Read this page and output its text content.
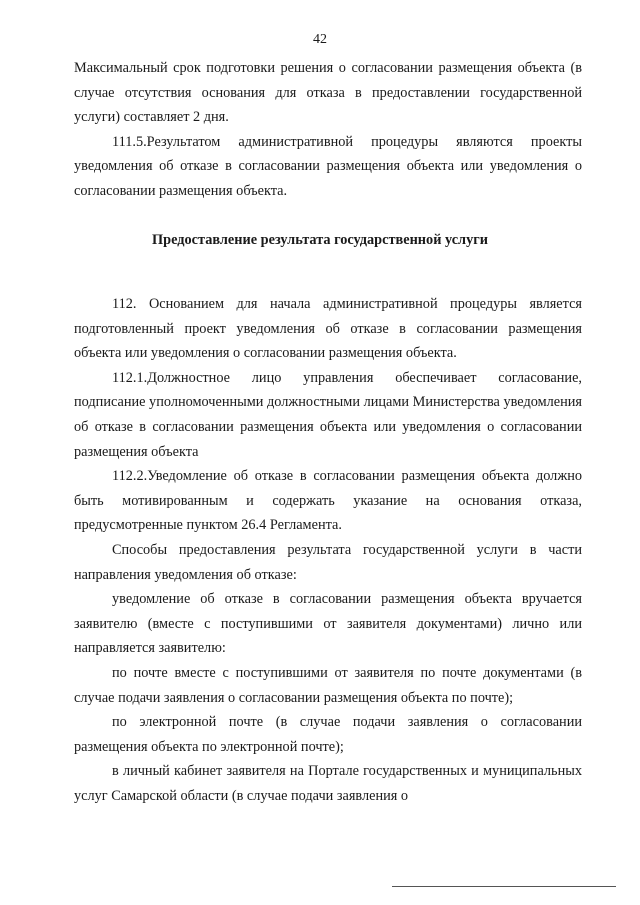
42

Максимальный срок подготовки решения о согласовании размещения объекта (в случае отсутствия основания для отказа в предоставлении государственной услуги) составляет 2 дня.

111.5.Результатом административной процедуры являются проекты уведомления об отказе в согласовании размещения объекта или уведомления о согласовании размещения объекта.

Предоставление результата государственной услуги

112. Основанием для начала административной процедуры является подготовленный проект уведомления об отказе в согласовании размещения объекта или уведомления о согласовании размещения объекта.

112.1.Должностное лицо управления обеспечивает согласование, подписание уполномоченными должностными лицами Министерства уведомления об отказе в согласовании размещения объекта или уведомления о согласовании размещения объекта

112.2.Уведомление об отказе в согласовании размещения объекта должно быть мотивированным и содержать указание на основания отказа, предусмотренные пунктом 26.4 Регламента.

Способы предоставления результата государственной услуги в части направления уведомления об отказе:

уведомление об отказе в согласовании размещения объекта вручается заявителю (вместе с поступившими от заявителя документами) лично или направляется заявителю:

по почте вместе с поступившими от заявителя по почте документами (в случае подачи заявления о согласовании размещения объекта по почте);

по электронной почте (в случае подачи заявления о согласовании размещения объекта по электронной почте);

в личный кабинет заявителя на Портале государственных и муниципальных услуг Самарской области (в случае подачи заявления о
